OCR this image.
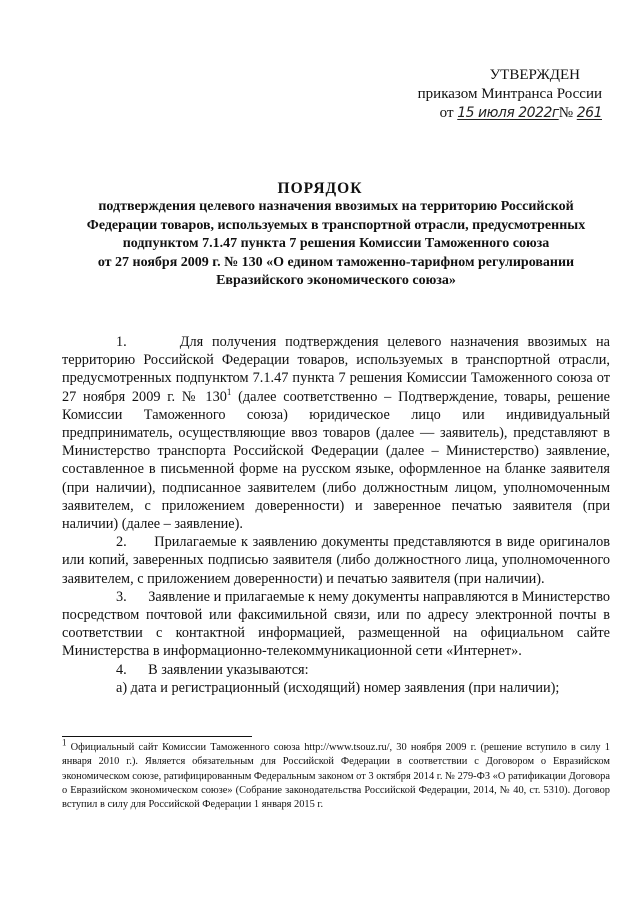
УТВЕРЖДЕН
приказом Минтранса России
от 15 июля 2022г№ 261
ПОРЯДОК
подтверждения целевого назначения ввозимых на территорию Российской
Федерации товаров, используемых в транспортной отрасли, предусмотренных
подпунктом 7.1.47 пункта 7 решения Комиссии Таможенного союза
от 27 ноября 2009 г. № 130 «О едином таможенно-тарифном регулировании
Евразийского экономического союза»

1.      Для получения подтверждения целевого назначения ввозимых на территорию Российской Федерации товаров, используемых в транспортной отрасли, предусмотренных подпунктом 7.1.47 пункта 7 решения Комиссии Таможенного союза от 27 ноября 2009 г. № $130^1$ (далее соответственно – Подтверждение, товары, решение Комиссии Таможенного союза) юридическое лицо или индивидуальный предприниматель, осуществляющие ввоз товаров (далее — заявитель), представляют в Министерство транспорта Российской Федерации (далее – Министерство) заявление, составленное в письменной форме на русском языке, оформленное на бланке заявителя (при наличии), подписанное заявителем (либо должностным лицом, уполномоченным заявителем, с приложением доверенности) и заверенное печатью заявителя (при наличии) (далее – заявление).

2.      Прилагаемые к заявлению документы представляются в виде оригиналов или копий, заверенных подписью заявителя (либо должностного лица, уполномоченного заявителем, с приложением доверенности) и печатью заявителя (при наличии).

3.      Заявление и прилагаемые к нему документы направляются в Министерство посредством почтовой или факсимильной связи, или по адресу электронной почты в соответствии с контактной информацией, размещенной на официальном сайте Министерства в информационно-телекоммуникационной сети «Интернет».

4.      В заявлении указываются:

а) дата и регистрационный (исходящий) номер заявления (при наличии);

$^1$ Официальный сайт Комиссии Таможенного союза http://www.tsouz.ru/, 30 ноября 2009 г. (решение вступило в силу 1 января 2010 г.). Является обязательным для Российской Федерации в соответствии с Договором о Евразийском экономическом союзе, ратифицированным Федеральным законом от 3 октября 2014 г. № 279-ФЗ «О ратификации Договора о Евразийском экономическом союзе» (Собрание законодательства Российской Федерации, 2014, № 40, ст. 5310). Договор вступил в силу для Российской Федерации 1 января 2015 г.
